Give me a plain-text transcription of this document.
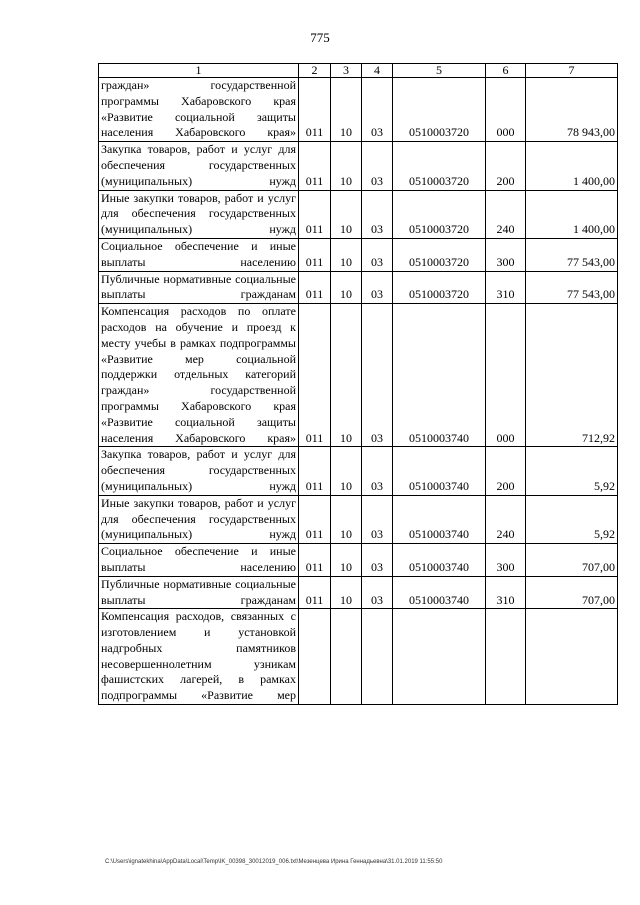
775
1	2	3	4	5	6	7
граждан» государственной программы Хабаровского края «Развитие социальной защиты населения Хабаровского края»	011	10	03	0510003720	000	78 943,00
Закупка товаров, работ и услуг для обеспечения государственных (муниципальных) нужд	011	10	03	0510003720	200	1 400,00
Иные закупки товаров, работ и услуг для обеспечения государственных (муниципальных) нужд	011	10	03	0510003720	240	1 400,00
Социальное обеспечение и иные выплаты населению	011	10	03	0510003720	300	77 543,00
Публичные нормативные социальные выплаты гражданам	011	10	03	0510003720	310	77 543,00
Компенсация расходов по оплате расходов на обучение и проезд к месту учебы в рамках подпрограммы «Развитие мер социальной поддержки отдельных категорий граждан» государственной программы Хабаровского края «Развитие социальной защиты населения Хабаровского края»	011	10	03	0510003740	000	712,92
Закупка товаров, работ и услуг для обеспечения государственных (муниципальных) нужд	011	10	03	0510003740	200	5,92
Иные закупки товаров, работ и услуг для обеспечения государственных (муниципальных) нужд	011	10	03	0510003740	240	5,92
Социальное обеспечение и иные выплаты населению	011	10	03	0510003740	300	707,00
Публичные нормативные социальные выплаты гражданам	011	10	03	0510003740	310	707,00
Компенсация расходов, связанных с изготовлением и установкой надгробных памятников несовершеннолетним узникам фашистских лагерей, в рамках подпрограммы «Развитие мер						
C:\Users\ignatekhina\AppData\Local\Temp\IK_00398_30012019_006.txt\Мезенцева Ирина Геннадьевна\31.01.2019 11:55:50
